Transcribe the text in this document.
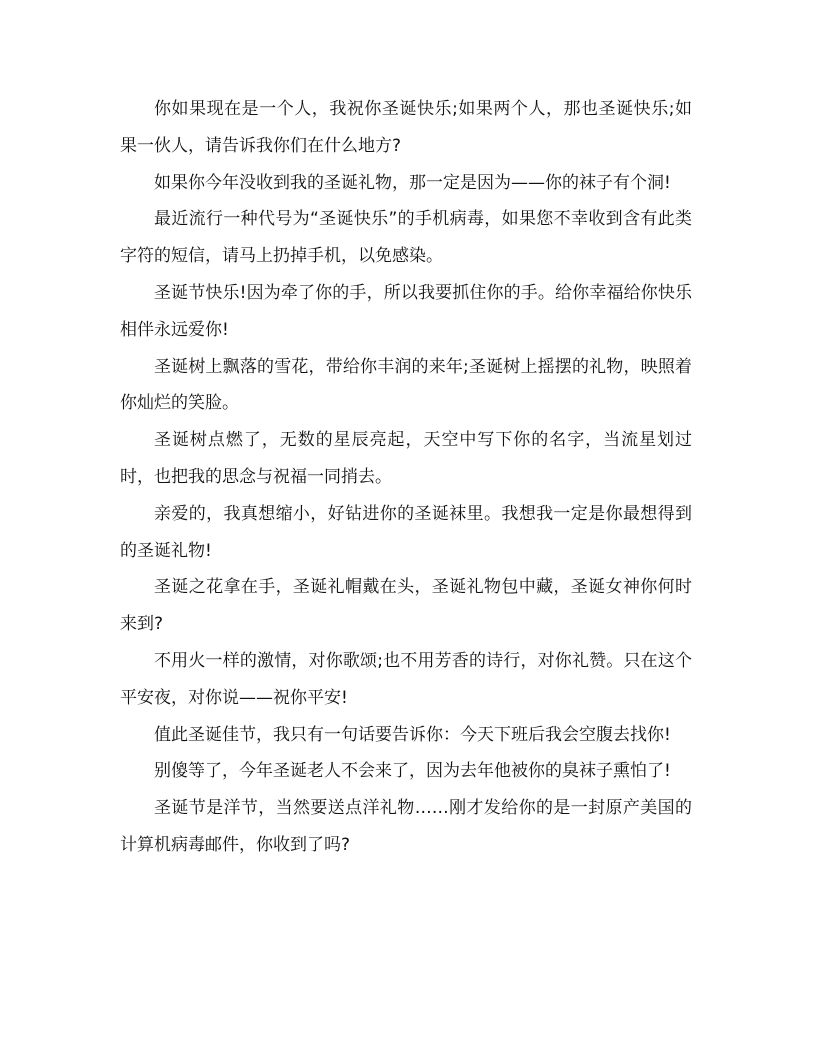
你如果现在是一个人，我祝你圣诞快乐;如果两个人，那也圣诞快乐;如果一伙人，请告诉我你们在什么地方?

如果你今年没收到我的圣诞礼物，那一定是因为——你的袜子有个洞!

最近流行一种代号为“圣诞快乐”的手机病毒，如果您不幸收到含有此类字符的短信，请马上扔掉手机，以免感染。

圣诞节快乐!因为牵了你的手，所以我要抓住你的手。给你幸福给你快乐相伴永远爱你!

圣诞树上飘落的雪花，带给你丰润的来年;圣诞树上摇摆的礼物，映照着你灿烂的笑脸。

圣诞树点燃了，无数的星辰亮起，天空中写下你的名字，当流星划过时，也把我的思念与祝福一同捎去。

亲爱的，我真想缩小，好钻进你的圣诞袜里。我想我一定是你最想得到的圣诞礼物!

圣诞之花拿在手，圣诞礼帽戴在头，圣诞礼物包中藏，圣诞女神你何时来到?

不用火一样的激情，对你歌颂;也不用芳香的诗行，对你礼赞。只在这个平安夜，对你说——祝你平安!

值此圣诞佳节，我只有一句话要告诉你：今天下班后我会空腹去找你!

别傻等了，今年圣诞老人不会来了，因为去年他被你的臭袜子熏怕了!

圣诞节是洋节，当然要送点洋礼物……刚才发给你的是一封原产美国的计算机病毒邮件，你收到了吗?
